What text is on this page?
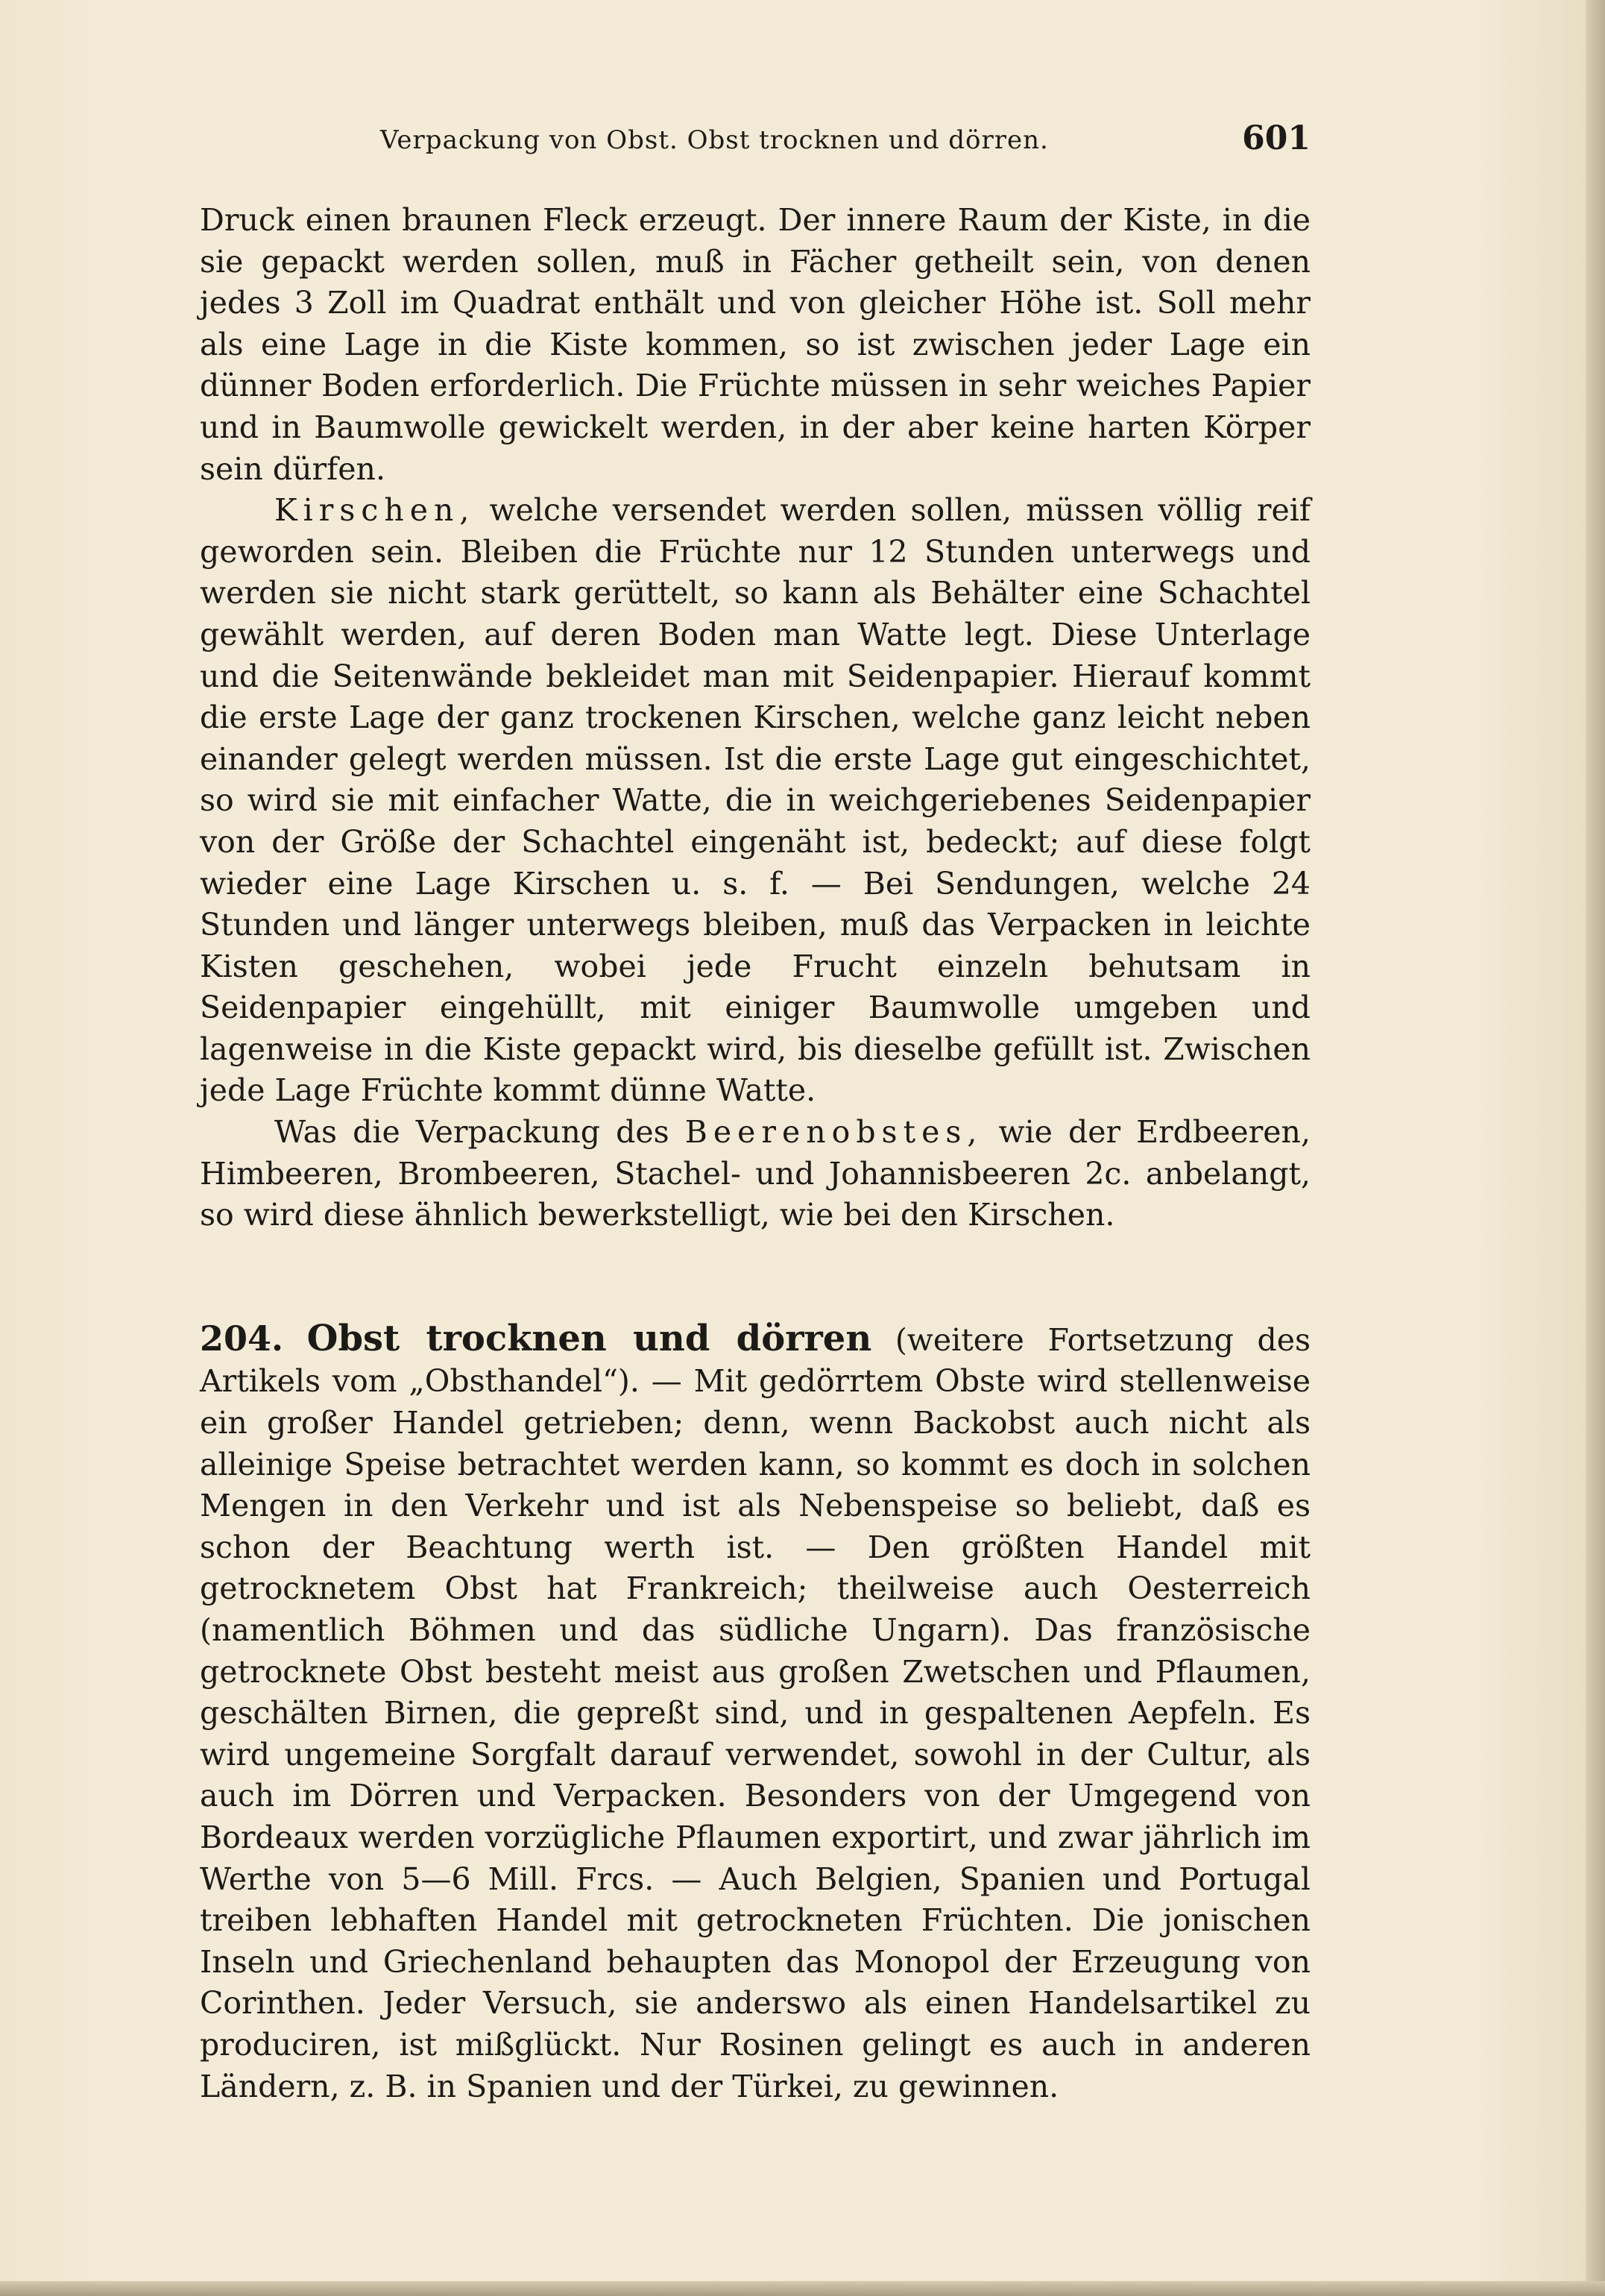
Verpackung von Obst. Obst trocknen und dörren.	601

Druck einen braunen Fleck erzeugt. Der innere Raum der Kiste, in die sie gepackt werden sollen, muß in Fächer getheilt sein, von denen jedes 3 Zoll im Quadrat enthält und von gleicher Höhe ist. Soll mehr als eine Lage in die Kiste kommen, so ist zwischen jeder Lage ein dünner Boden erforderlich. Die Früchte müssen in sehr weiches Papier und in Baumwolle gewickelt werden, in der aber keine harten Körper sein dürfen.

Kirschen, welche versendet werden sollen, müssen völlig reif geworden sein. Bleiben die Früchte nur 12 Stunden unterwegs und werden sie nicht stark gerüttelt, so kann als Behälter eine Schachtel gewählt werden, auf deren Boden man Watte legt. Diese Unterlage und die Seitenwände bekleidet man mit Seidenpapier. Hierauf kommt die erste Lage der ganz trockenen Kirschen, welche ganz leicht neben einander gelegt werden müssen. Ist die erste Lage gut eingeschichtet, so wird sie mit einfacher Watte, die in weichgeriebenes Seidenpapier von der Größe der Schachtel eingenäht ist, bedeckt; auf diese folgt wieder eine Lage Kirschen u. s. f. — Bei Sendungen, welche 24 Stunden und länger unterwegs bleiben, muß das Verpacken in leichte Kisten geschehen, wobei jede Frucht einzeln behutsam in Seidenpapier eingehüllt, mit einiger Baumwolle umgeben und lagenweise in die Kiste gepackt wird, bis dieselbe gefüllt ist. Zwischen jede Lage Früchte kommt dünne Watte.

Was die Verpackung des Beerenobstes, wie der Erdbeeren, Himbeeren, Brombeeren, Stachel- und Johannisbeeren 2c. anbelangt, so wird diese ähnlich bewerkstelligt, wie bei den Kirschen.

204. Obst trocknen und dörren (weitere Fortsetzung des Artikels vom „Obsthandel“). — Mit gedörrtem Obste wird stellenweise ein großer Handel getrieben; denn, wenn Backobst auch nicht als alleinige Speise betrachtet werden kann, so kommt es doch in solchen Mengen in den Verkehr und ist als Nebenspeise so beliebt, daß es schon der Beachtung werth ist. — Den größten Handel mit getrocknetem Obst hat Frankreich; theilweise auch Oesterreich (namentlich Böhmen und das südliche Ungarn). Das französische getrocknete Obst besteht meist aus großen Zwetschen und Pflaumen, geschälten Birnen, die gepreßt sind, und in gespaltenen Aepfeln. Es wird ungemeine Sorgfalt darauf verwendet, sowohl in der Cultur, als auch im Dörren und Verpacken. Besonders von der Umgegend von Bordeaux werden vorzügliche Pflaumen exportirt, und zwar jährlich im Werthe von 5—6 Mill. Frcs. — Auch Belgien, Spanien und Portugal treiben lebhaften Handel mit getrockneten Früchten. Die jonischen Inseln und Griechenland behaupten das Monopol der Erzeugung von Corinthen. Jeder Versuch, sie anderswo als einen Handelsartikel zu produciren, ist mißglückt. Nur Rosinen gelingt es auch in anderen Ländern, z. B. in Spanien und der Türkei, zu gewinnen.
